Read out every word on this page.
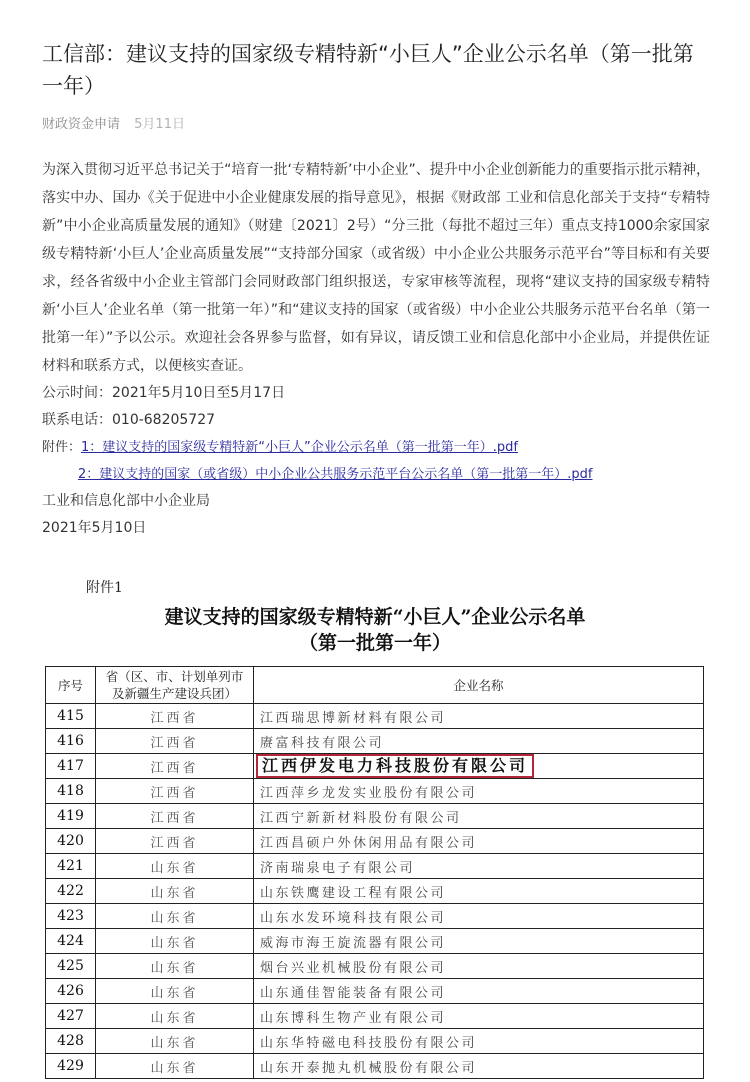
工信部：建议支持的国家级专精特新“小巨人”企业公示名单（第一批第一年）
财政资金申请 5月11日
为深入贯彻习近平总书记关于“培育一批‘专精特新’中小企业”、提升中小企业创新能力的重要指示批示精神，落实中办、国办《关于促进中小企业健康发展的指导意见》，根据《财政部 工业和信息化部关于支持“专精特新”中小企业高质量发展的通知》（财建〔2021〕2号）“分三批（每批不超过三年）重点支持1000余家国家级专精特新‘小巨人’企业高质量发展”“支持部分国家（或省级）中小企业公共服务示范平台”等目标和有关要求，经各省级中小企业主管部门会同财政部门组织报送，专家审核等流程，现将“建议支持的国家级专精特新‘小巨人’企业名单（第一批第一年）”和“建议支持的国家（或省级）中小企业公共服务示范平台名单（第一批第一年）”予以公示。欢迎社会各界参与监督，如有异议，请反馈工业和信息化部中小企业局，并提供佐证材料和联系方式，以便核实查证。
公示时间：2021年5月10日至5月17日
联系电话：010-68205727
附件：1：建议支持的国家级专精特新“小巨人”企业公示名单（第一批第一年）.pdf
2：建议支持的国家（或省级）中小企业公共服务示范平台公示名单（第一批第一年）.pdf
工业和信息化部中小企业局
2021年5月10日
附件1
建议支持的国家级专精特新“小巨人”企业公示名单
（第一批第一年）
序号	省（区、市、计划单列市及新疆生产建设兵团）	企业名称
415	江西省	江西瑞思博新材料有限公司
416	江西省	赓富科技有限公司
417	江西省	江西伊发电力科技股份有限公司
418	江西省	江西萍乡龙发实业股份有限公司
419	江西省	江西宁新新材料股份有限公司
420	江西省	江西昌硕户外休闲用品有限公司
421	山东省	济南瑞泉电子有限公司
422	山东省	山东铁鹰建设工程有限公司
423	山东省	山东水发环境科技有限公司
424	山东省	威海市海王旋流器有限公司
425	山东省	烟台兴业机械股份有限公司
426	山东省	山东通佳智能装备有限公司
427	山东省	山东博科生物产业有限公司
428	山东省	山东华特磁电科技股份有限公司
429	山东省	山东开泰抛丸机械股份有限公司
